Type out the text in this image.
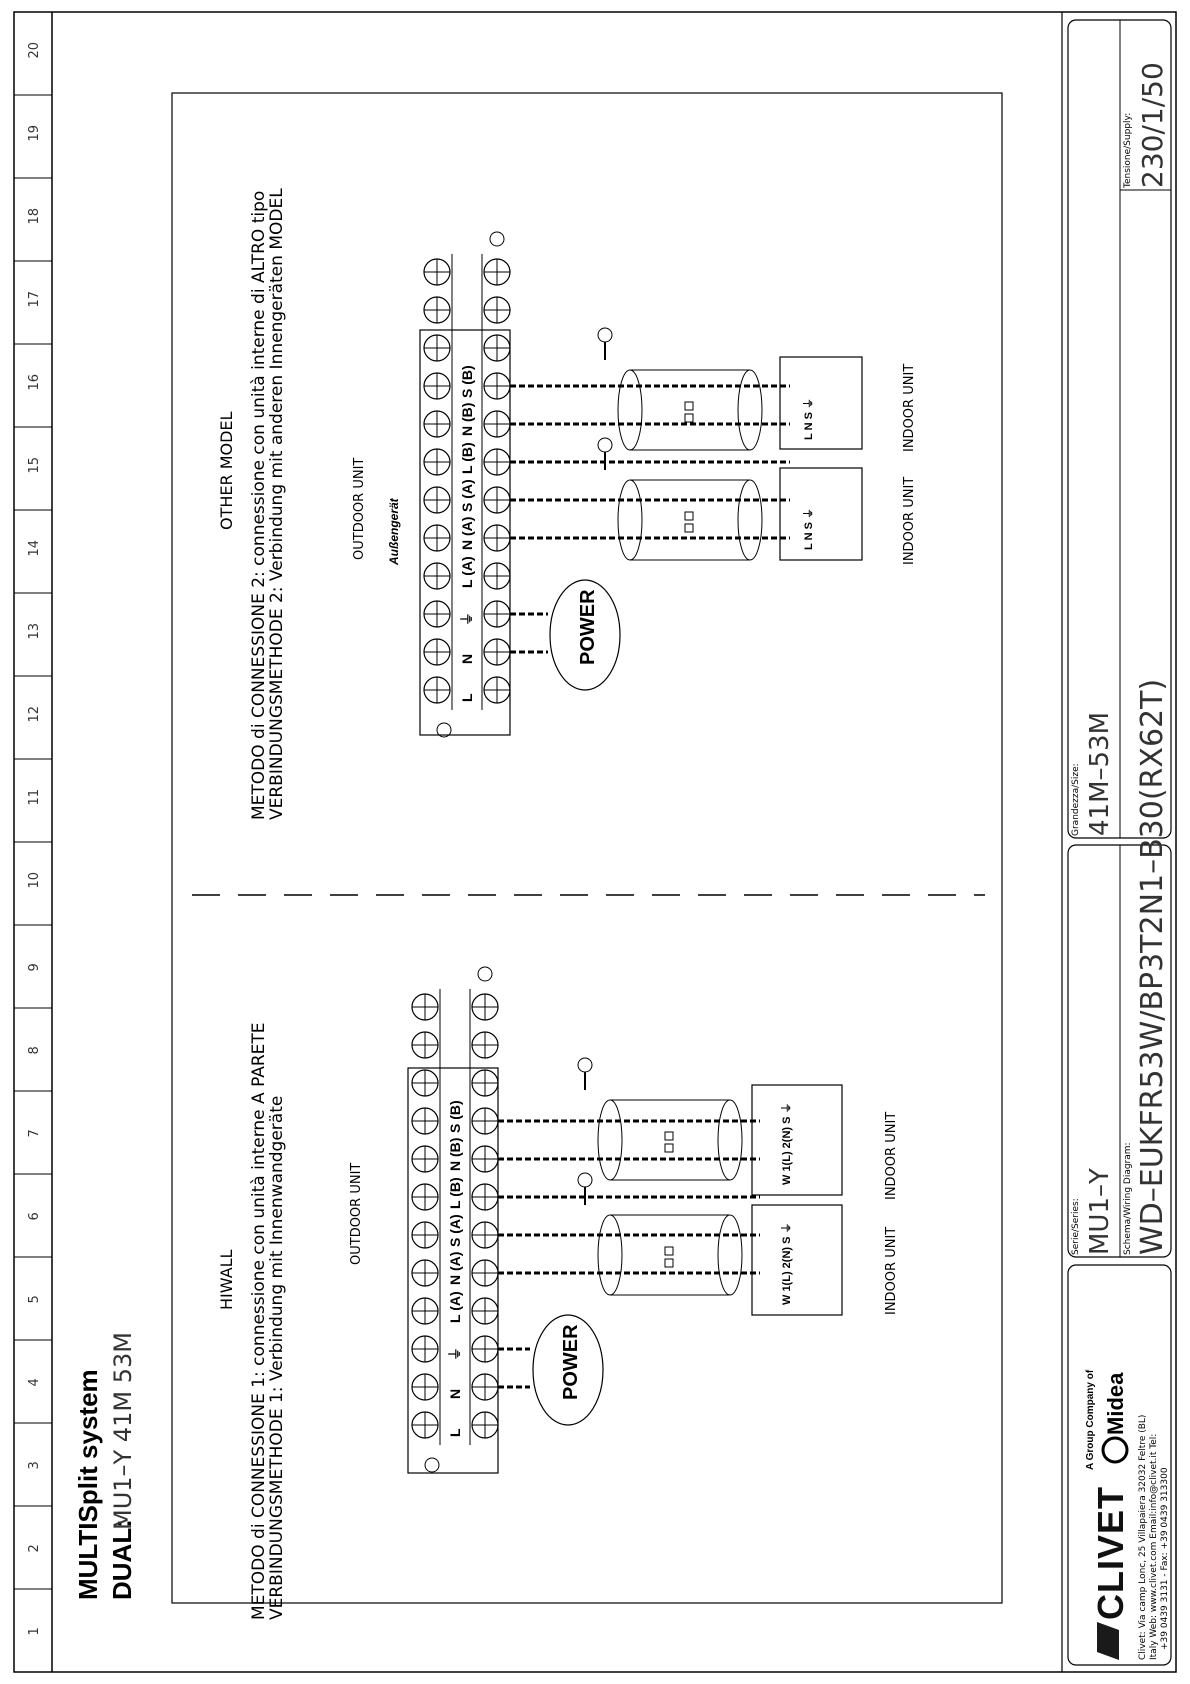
1
2
3
4
5
6
7
8
9
10
11
12
13
14
15
16
17
18
19
20
MULTISplit system DUAL:
MU1–Y 41M 53M
HIWALL METODO di CONNESSIONE 1: connessione con unità interne A PARETE
VERBINDUNGSMETHODE 1: Verbindung mit Innenwandgeräte
OTHER MODEL METODO di CONNESSIONE 2: connessione con unità interne di ALTRO tipo
VERBINDUNGSMETHODE 2: Verbindung mit anderen Innengeräten MODEL
OUTDOOR UNIT
L
N
⏚
L (A)
N (A)
S (A)
L (B)
N (B)
S (B)
POWER
INDOOR UNIT
INDOOR UNIT
W 1(L) 2(N) S ⏚
W 1(L) 2(N) S ⏚
OUTDOOR UNIT Außengerät
L
N
⏚
L (A)
N (A)
S (A)
L (B)
N (B)
S (B)
POWER
INDOOR UNIT
INDOOR UNIT
L N S ⏚
L N S ⏚
CLIVET
A Group Company of Midea
Clivet: Via camp Lonc, 25 Villapaiera 32032 Feltre (BL) Italy Web: www.clivet.com Email:info@clivet.it Tel: +39 0439 3131 - Fax: +39 0439 313300
Serie/Series: MU1–Y
Grandezza/Size: 41M–53M
Schema/Wiring Diagram: WD–EUKFR53W/BP3T2N1–B30(RX62T)
Tensione/Supply: 230/1/50
